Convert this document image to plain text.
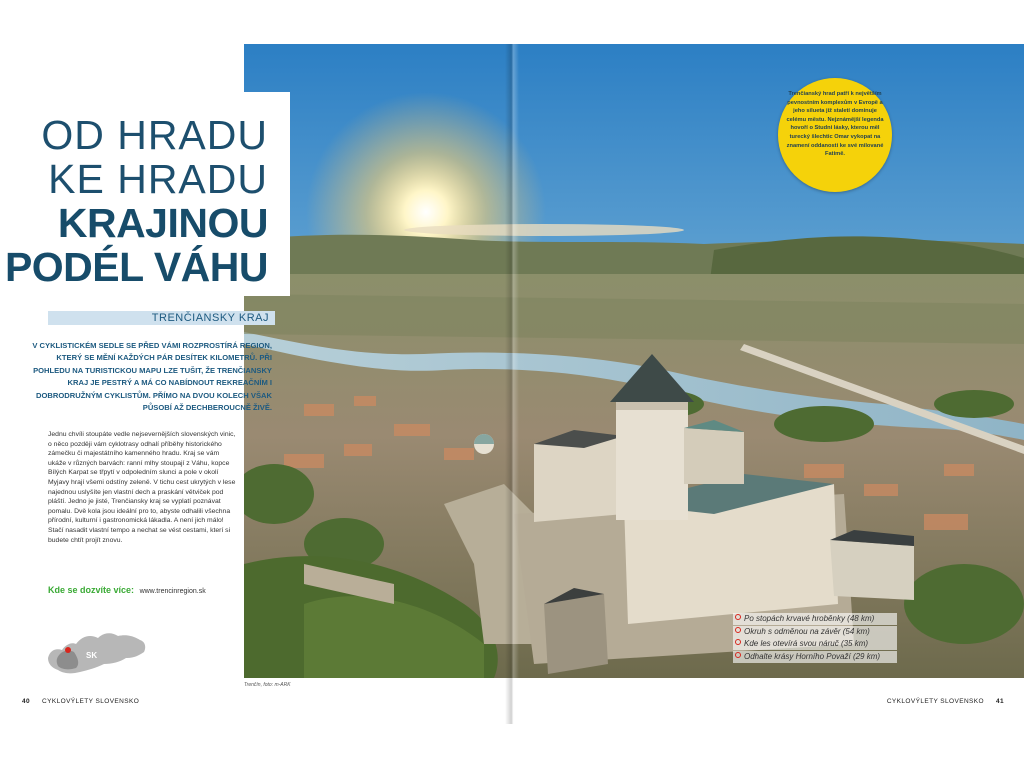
OD HRADU
KE HRADU
KRAJINOU
PODÉL VÁHU
TRENČIANSKY KRAJ
V CYKLISTICKÉM SEDLE SE PŘED VÁMI ROZPROSTÍRÁ REGION, KTERÝ SE MĚNÍ KAŽDÝCH PÁR DESÍTEK KILOMETRŮ. PŘI POHLEDU NA TURISTICKOU MAPU LZE TUŠIT, ŽE TRENČIANSKY KRAJ JE PESTRÝ A MÁ CO NABÍDNOUT REKREAČNÍM I DOBRODRUŽNÝM CYKLISTŮM. PŘÍMO NA DVOU KOLECH VŠAK PŮSOBÍ AŽ DECHBEROUCNĚ ŽIVĚ.
Jednu chvíli stoupáte vedle nejsevernějších slovenských vinic, o něco později vám cyklotrasy odhalí příběhy historického zámečku či majestátního kamenného hradu. Kraj se vám ukáže v různých barvách: ranní mlhy stoupají z Váhu, kopce Bílých Karpat se třpytí v odpoledním slunci a pole v okolí Myjavy hrají všemi odstíny zeleně. V tichu cest ukrytých v lese najednou uslyšíte jen vlastní dech a praskání větviček pod pláští. Jedno je jisté, Trenčiansky kraj se vyplatí poznávat pomalu. Dvě kola jsou ideální pro to, abyste odhalili všechna přírodní, kulturní i gastronomická lákadla. A není jich málo! Stačí nasadit vlastní tempo a nechat se vést cestami, kterí si budete chtít projít znovu.
Kde se dozvíte více: www.trencinregion.sk
SK
Trenčianský hrad patří k největším pevnostním komplexům v Evropě a jeho silueta již staletí dominuje celému městu. Nejznámější legenda hovoří o Studni lásky, kterou měl turecký šlechtic Omar vykopat na znamení oddanosti ke své milované Fatimě.
Po stopách krvavé hroběnky (48 km)
Okruh s odměnou na závěr (54 km)
Kde les otevírá svou náruč (35 km)
Odhalte krásy Horního Považí (29 km)
Trenčín, foto: m-ARK
40 CYKLOVÝLETY SLOVENSKO	CYKLOVÝLETY SLOVENSKO 41
